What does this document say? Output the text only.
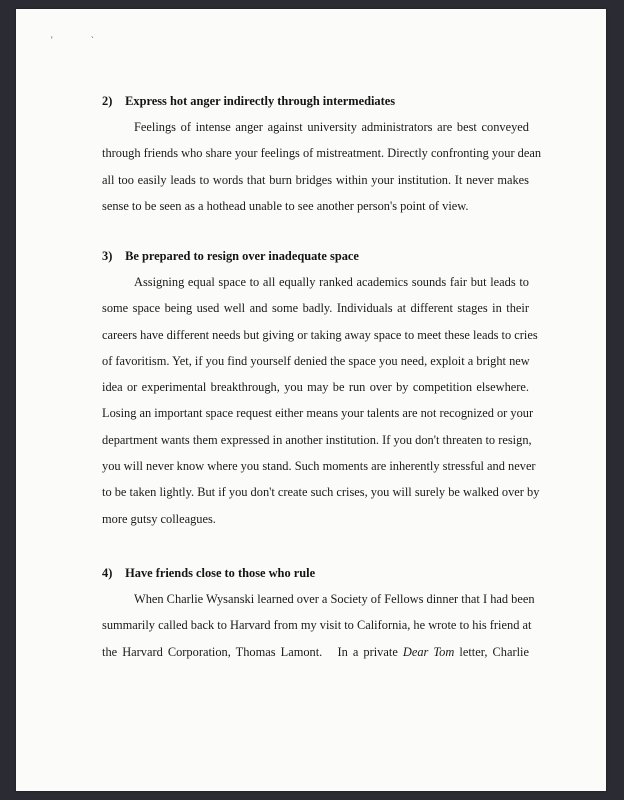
' `
2) Express hot anger indirectly through intermediates
Feelings of intense anger against university administrators are best conveyed
through friends who share your feelings of mistreatment. Directly confronting your dean
all too easily leads to words that burn bridges within your institution. It never makes
sense to be seen as a hothead unable to see another person's point of view.
3) Be prepared to resign over inadequate space
Assigning equal space to all equally ranked academics sounds fair but leads to
some space being used well and some badly. Individuals at different stages in their
careers have different needs but giving or taking away space to meet these leads to cries
of favoritism. Yet, if you find yourself denied the space you need, exploit a bright new
idea or experimental breakthrough, you may be run over by competition elsewhere.
Losing an important space request either means your talents are not recognized or your
department wants them expressed in another institution. If you don't threaten to resign,
you will never know where you stand. Such moments are inherently stressful and never
to be taken lightly. But if you don't create such crises, you will surely be walked over by
more gutsy colleagues.
4) Have friends close to those who rule
When Charlie Wysanski learned over a Society of Fellows dinner that I had been
summarily called back to Harvard from my visit to California, he wrote to his friend at
the Harvard Corporation, Thomas Lamont. In a private Dear Tom letter, Charlie
